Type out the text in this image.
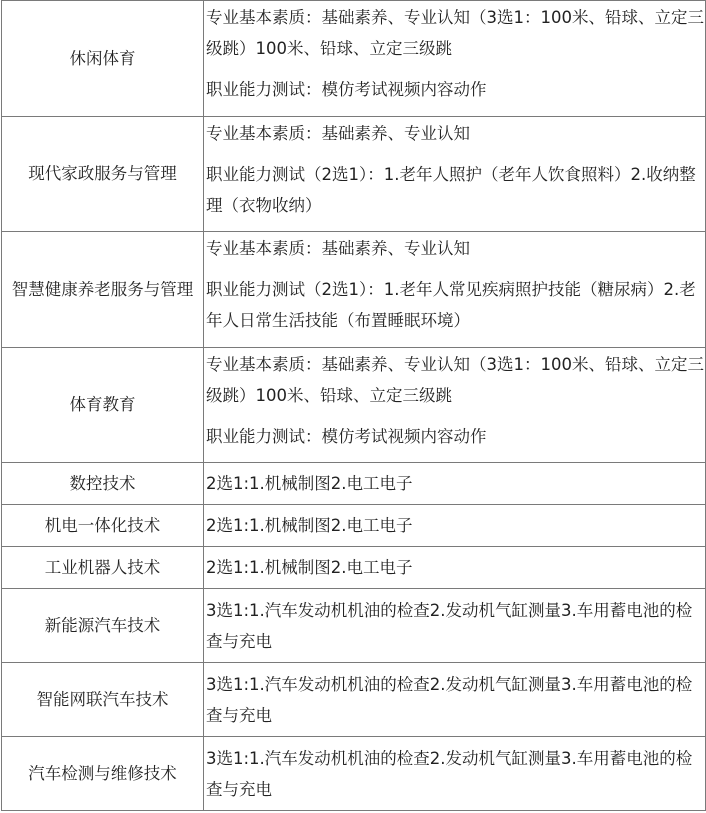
休闲体育	专业基本素质：基础素养、专业认知（3选1：100米、铅球、立定三级跳）100米、铅球、立定三级跳

职业能力测试：模仿考试视频内容动作

现代家政服务与管理	专业基本素质：基础素养、专业认知

职业能力测试（2选1）：1.老年人照护（老年人饮食照料）2.收纳整理（衣物收纳）

智慧健康养老服务与管理	专业基本素质：基础素养、专业认知

职业能力测试（2选1）：1.老年人常见疾病照护技能（糖尿病）2.老年人日常生活技能（布置睡眠环境）

体育教育	专业基本素质：基础素养、专业认知（3选1：100米、铅球、立定三级跳）100米、铅球、立定三级跳

职业能力测试：模仿考试视频内容动作

数控技术	2选1:1.机械制图2.电工电子

机电一体化技术	2选1:1.机械制图2.电工电子

工业机器人技术	2选1:1.机械制图2.电工电子

新能源汽车技术	3选1:1.汽车发动机机油的检查2.发动机气缸测量3.车用蓄电池的检查与充电

智能网联汽车技术	3选1:1.汽车发动机机油的检查2.发动机气缸测量3.车用蓄电池的检查与充电

汽车检测与维修技术	3选1:1.汽车发动机机油的检查2.发动机气缸测量3.车用蓄电池的检查与充电
